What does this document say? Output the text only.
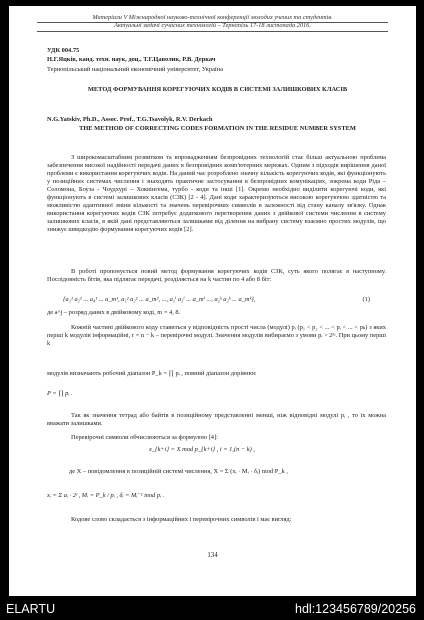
Матеріали V Міжнародної науково-технічної конференції молодих учених та студентів.
Актуальні задачі сучасних технологій – Тернопіль 17-18 листопада 2016.

УДК 004.75

Н.Г.Яцків, канд. техн. наук, доц., Т.Г.Цаволик, Р.В. Деркач

Тернопільський національний економічний університет, Україна

МЕТОД ФОРМУВАННЯ КОРЕГУЮЧИХ КОДІВ В СИСТЕМІ ЗАЛИШКОВИХ КЛАСІВ

N.G.Yatskiv, Ph.D., Assoc. Prof., T.G.Tsavolyk, R.V. Derkach

THE METHOD OF CORRECTING CODES FORMATION IN THE RESIDUE NUMBER SYSTEM

З широкомасштабним розвитком та впровадженням безпровідних технологій стає більш актуальною проблема забезпечення високої надійності передачі даних в безпровідних комп'ютерних мережах. Одним з підходів вирішення даної проблеми є використання корегуючих кодів. На даний час розроблено значну кількість корегуючих кодів, які функціонують у позиційних системах числення і знаходять практичне застосування в безпровідних комунікаціях, зокрема коди Ріда – Соломона, Боуза - Чоудхурі – Хоквінгема, турбо - коди та інші [1]. Окремо необхідно виділити корегуючі коди, які функціонують в системі залишкових класів (СЗК) [2 - 4]. Дані коди характеризуються високою корегуючою здатністю та можливістю адаптивної зміни кількості та значень перевірочних символів в залежності від стану каналу зв'язку. Однак використання корегуючих кодів СЗК потребує додаткового перетворення даних з двійкової системи числення в систему залишкових класів, в якій дані представляються залишками від ділення на вибрану систему взаємно простих модулів, що знижує швидкодію формування корегуючих кодів [2].

В роботі пропонується новий метод формування корегуючих кодів СЗК, суть якого полягає в наступному. Послідовність бітів, яка підлягає передачі, розділяється на k частин по 4 або 8 біт:

{a₁¹ a₂¹ ... a₄¹ ... a_m¹, a₁² a₂² ... a_m², ..., a₁ⁱ a₂ⁱ ... a_mⁱ ..., a₁ᵏ a₂ᵏ ... a_mᵏ},	(1)

де a^j – розряд даних в двійковому коді, m = 4, 8.

Кожній частині двійкового коду ставиться у відповідність прості числа (модулі) pᵢ (p₁ < p₂ < ... < pᵢ < ... < pₖ) з яких перші k модулів інформаційні, r = n − k – перевірочні модулі. Значення модулів вибираємо з умови pᵢ > 2ᵐ. При цьому перші k

модулів визначають робочий діапазон P_k = ∏ pᵢ , повний діапазон дорівнює

P = ∏ pᵢ .

Так як значення тетрад або байтів в позиційному представленні менші, ніж відповідні модулі pᵢ , то їх можна вважати залишками.

Перевірочні символи обчислюються за формулою [4]:

x_{k+i} = X mod p_{k+i} , i = 1,(n − k) ,

де X – повідомлення в позиційній системі числення, X = Σ (xᵢ · Mᵢ · δᵢ) mod P_k ,

xᵢ = Σ aᵢ · 2ʲ , Mᵢ = P_k / pᵢ , δᵢ = Mᵢ⁻¹ mod pᵢ .

Кодове слово складається з інформаційних і перевірочних символів і має вигляд:

134
ELARTU	hdl:123456789/20256
